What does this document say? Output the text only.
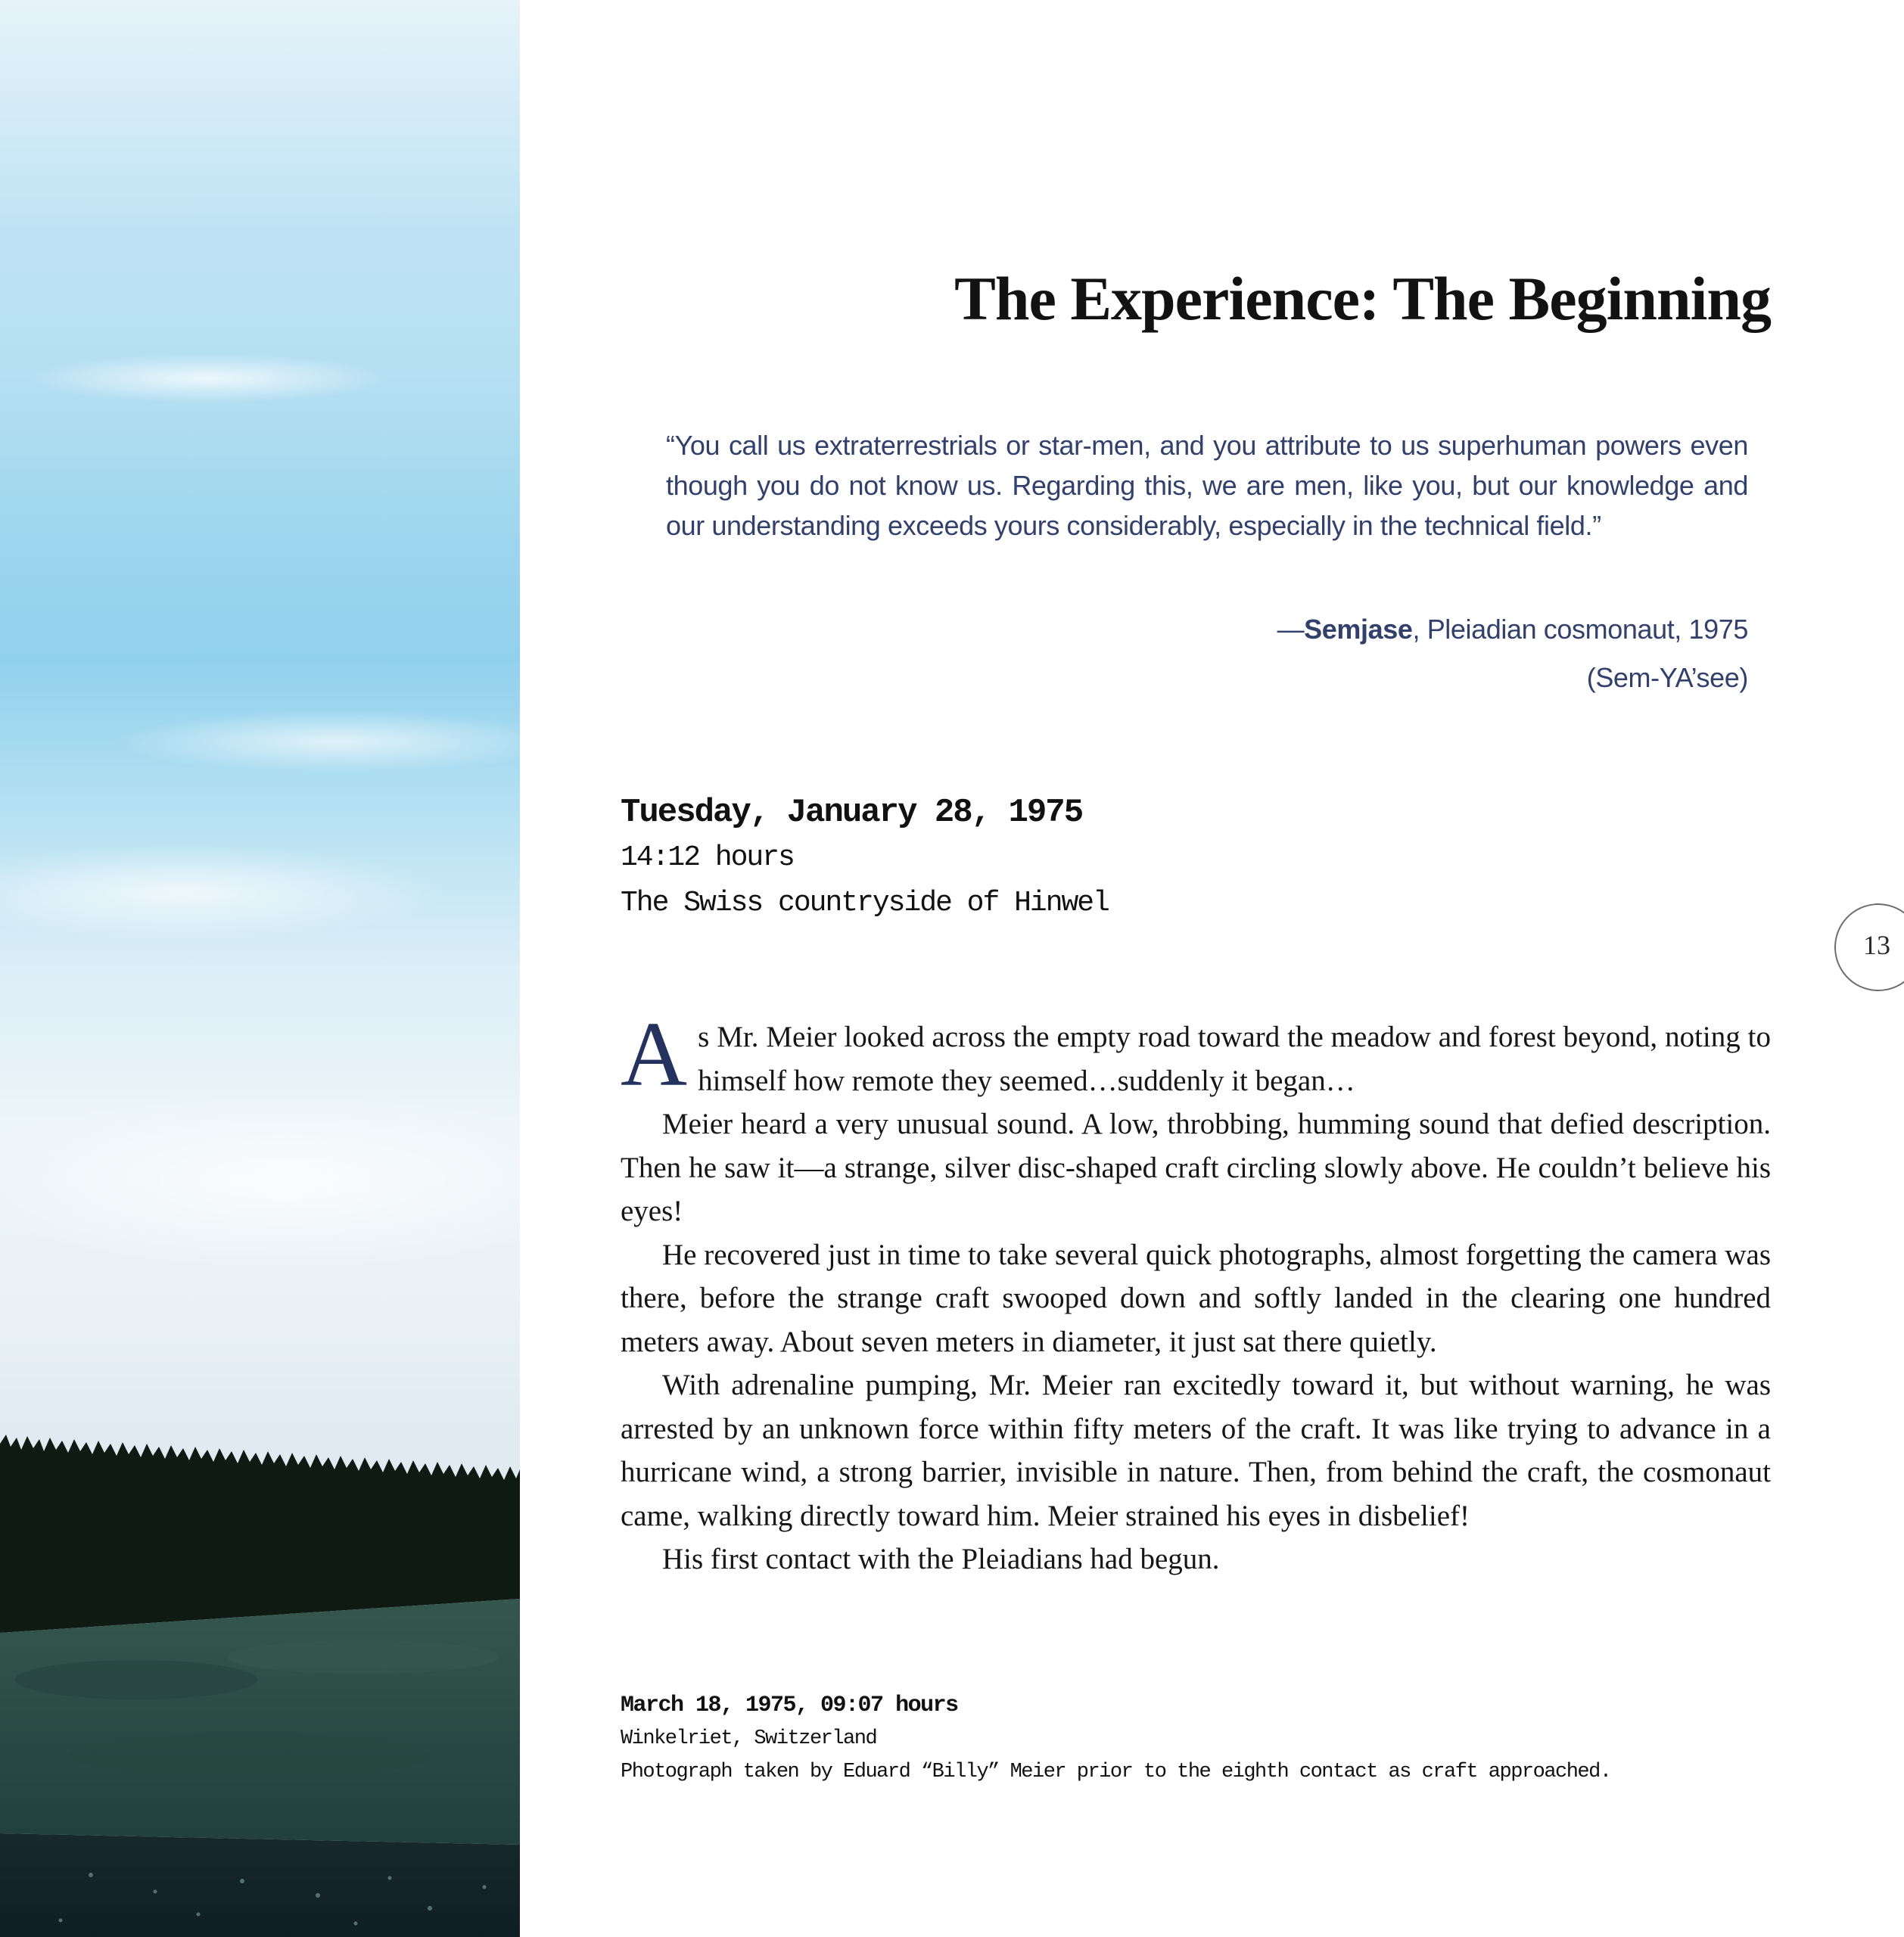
The Experience: The Beginning
“You call us extraterrestrials or star-men, and you attribute to us superhuman powers even though you do not know us. Regarding this, we are men, like you, but our knowledge and our understanding exceeds yours considerably, especially in the technical field.”
—Semjase, Pleiadian cosmonaut, 1975
(Sem-YA’see)
Tuesday, January 28, 1975
14:12 hours
The Swiss countryside of Hinwel

As Mr. Meier looked across the empty road toward the meadow and forest beyond, noting to himself how remote they seemed…suddenly it began…

Meier heard a very unusual sound. A low, throbbing, humming sound that defied description. Then he saw it—a strange, silver disc-shaped craft circling slowly above. He couldn’t believe his eyes!

He recovered just in time to take several quick photographs, almost forgetting the camera was there, before the strange craft swooped down and softly landed in the clearing one hundred meters away. About seven meters in diameter, it just sat there quietly.

With adrenaline pumping, Mr. Meier ran excitedly toward it, but without warning, he was arrested by an unknown force within fifty meters of the craft. It was like trying to advance in a hurricane wind, a strong barrier, invisible in nature. Then, from behind the craft, the cosmonaut came, walking directly toward him. Meier strained his eyes in disbelief!

His first contact with the Pleiadians had begun.

March 18, 1975, 09:07 hours
Winkelriet, Switzerland
Photograph taken by Eduard “Billy” Meier prior to the eighth contact as craft approached.
13
